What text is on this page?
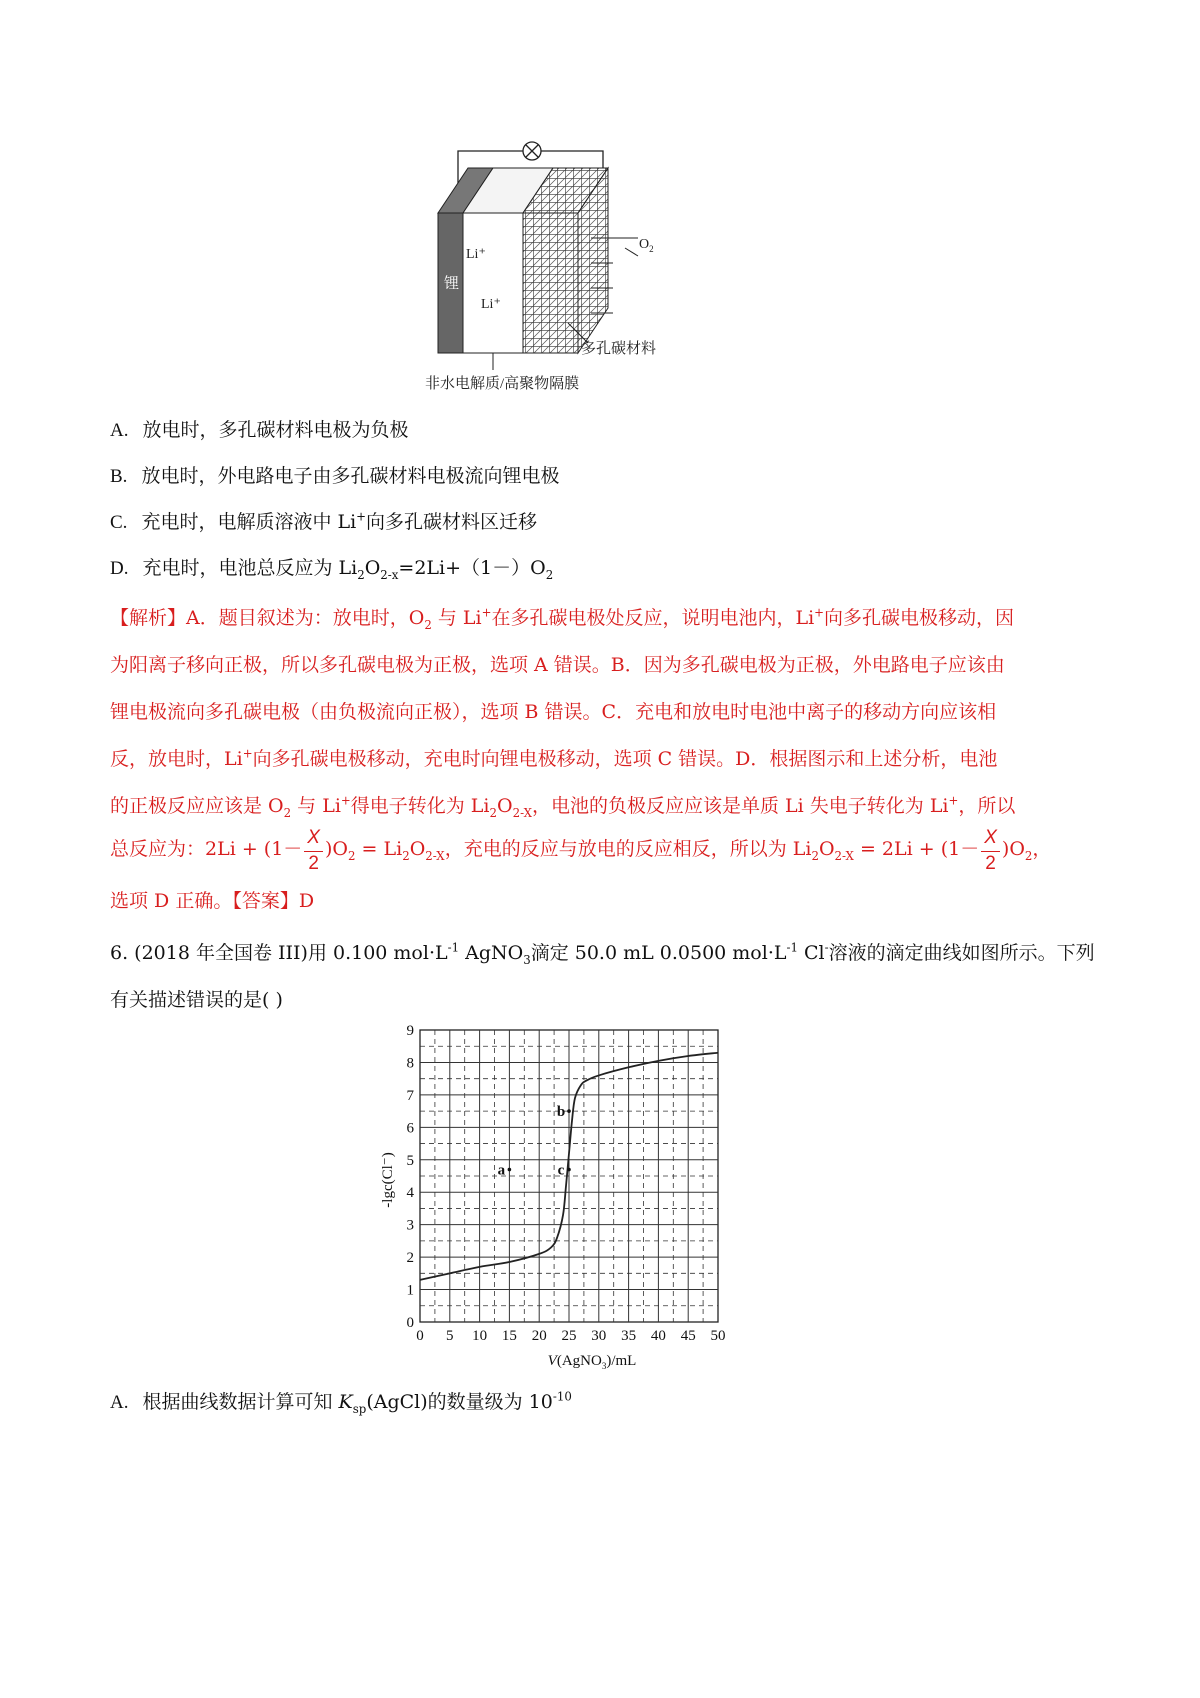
Li⁺
Li⁺
$O_2$
锂
多孔碳材料
非水电解质/高聚物隔膜
A. 放电时，多孔碳材料电极为负极
B. 放电时，外电路电子由多孔碳材料电极流向锂电极
C. 充电时，电解质溶液中 Li+向多孔碳材料区迁移
D. 充电时，电池总反应为 $Li_2O_{2-x}=2Li+(1-)O_2$
【解析】A．题目叙述为：放电时，$O_2$ 与 Li+在多孔碳电极处反应，说明电池内，Li+向多孔碳电极移动，因
为阳离子移向正极，所以多孔碳电极为正极，选项 A 错误。B．因为多孔碳电极为正极，外电路电子应该由
锂电极流向多孔碳电极（由负极流向正极），选项 B 错误。C．充电和放电时电池中离子的移动方向应该相
反，放电时，Li+向多孔碳电极移动，充电时向锂电极移动，选项 C 错误。D．根据图示和上述分析，电池
的正极反应应该是 $O_2$ 与 Li+得电子转化为 $Li_2O_{2-X}$，电池的负极反应应该是单质 Li 失电子转化为 Li+，所以
总反应为：$2Li + (1- \frac{X}{2} )O_2 = Li_2O_{2-X}$，充电的反应与放电的反应相反，所以为 $Li_2O_{2-X} = 2Li + (1- \frac{X}{2} )O_2$，
选项 D 正确。【答案】D
6. (2018 年全国卷 III)用 0.100 $mol\cdot L^{-1}$ AgNO$_3$滴定 50.0 mL 0.0500 $mol\cdot L^{-1}$ Cl-溶液的滴定曲线如图所示。下列
有关描述错误的是( )
0 5 10 15 20 25 30 35 40 45 50
0
1
2
3
4
5
6
7
8
9
a
b
c
-lgc(Cl⁻)
V(AgNO$_3$)/mL
A. 根据曲线数据计算可知 $K_{sp}(AgCl)$的数量级为 $10^{-10}$
